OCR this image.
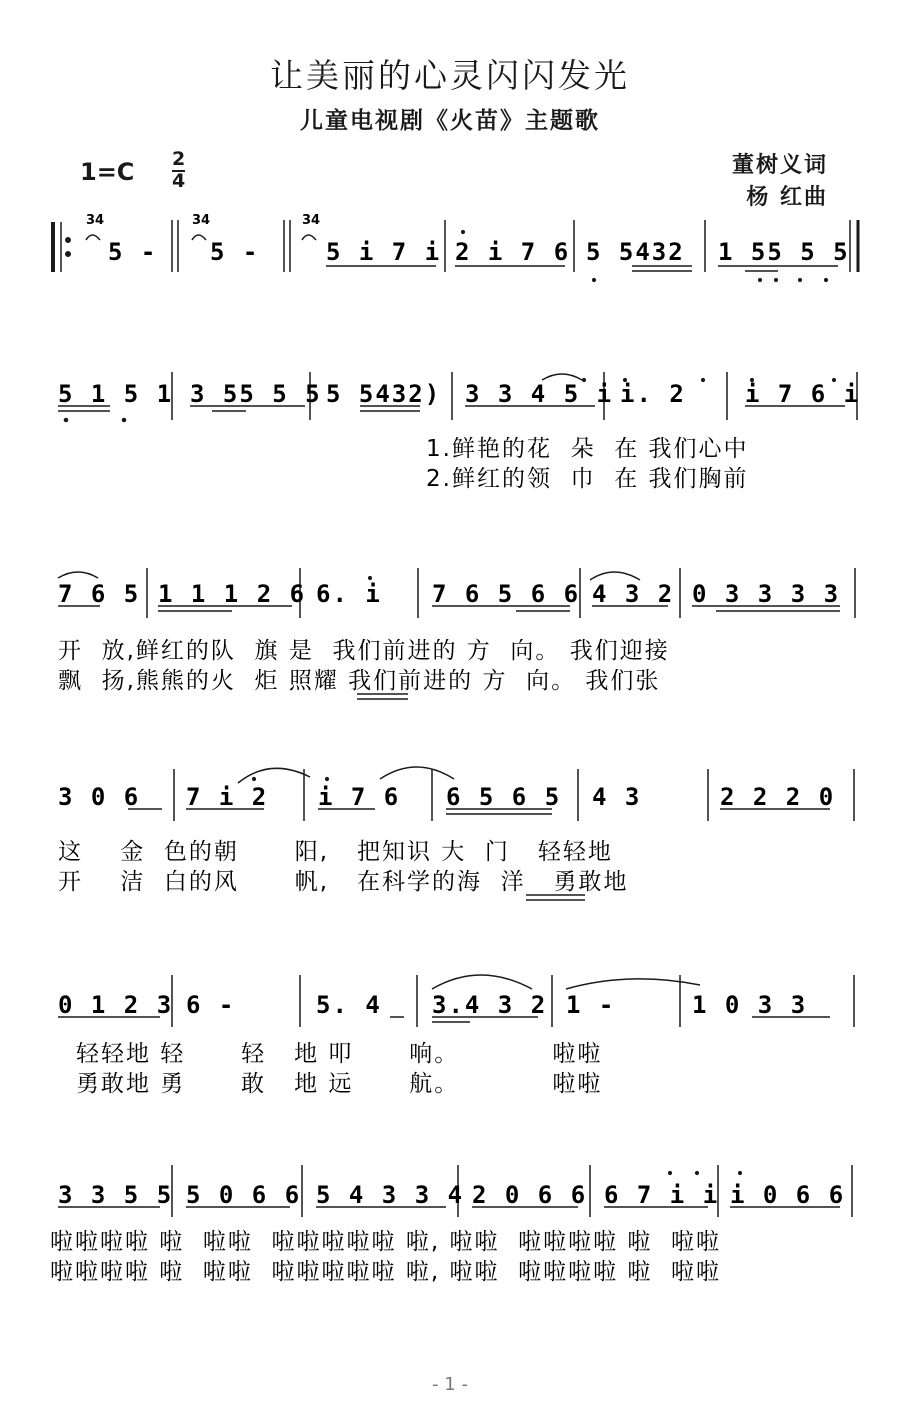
让美丽的心灵闪闪发光
儿童电视剧《火苗》主题歌
1=C 2
4
董树义词
杨 红曲
34	34	34
5 - 5 -	5 i 7 i 2 i 7 6 5 5432 1 55 5 5
5 1 5 1 3 55 5 5 5 5432) 3 3 4 5 i i. 2 i 7 6 i
1.鲜艳的花  朵  在 我们心中
2.鲜红的领  巾  在 我们胸前
7 6 5 1 1 1 2 6 6. i 7 6 5 6 6 4 3 2 0 3 3 3 3
开  放,鲜红的队  旗 是  我们前进的 方  向。 我们迎接
飘  扬,熊熊的火  炬 照耀 我们前进的 方  向。 我们张
3 0 6 7 i 2 i 7 6 6 5 6 5 4 3	2 2 2 0
这    金  色的朝      阳,   把知识 大  门   轻轻地
开    洁  白的风      帆,   在科学的海  洋   勇敢地
0 1 2 3 6 -	5. 4 3.4 3 2 1 -	1 0 3 3
轻轻地 轻      轻   地 叩      响。          啦啦
勇敢地 勇      敢   地 远      航。          啦啦
3 3 5 5 5 0 6 6 5 4 3 3 4 2 0 6 6 6 7 i i i 0 6 6
啦啦啦啦 啦  啦啦  啦啦啦啦啦 啦, 啦啦  啦啦啦啦 啦  啦啦
啦啦啦啦 啦  啦啦  啦啦啦啦啦 啦, 啦啦  啦啦啦啦 啦  啦啦
- 1 -
